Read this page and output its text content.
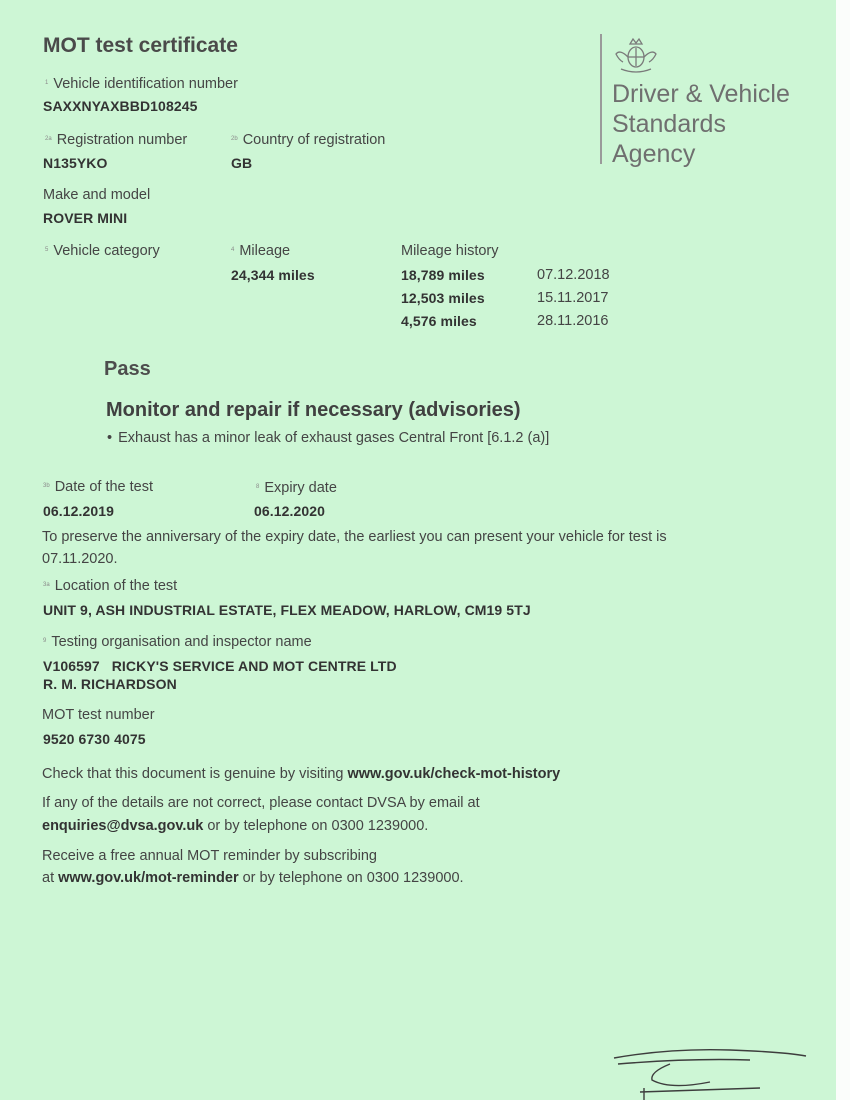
MOT test certificate
Driver & Vehicle
Standards
Agency
$^1$ Vehicle identification number
SAXXNYAXBBD108245
$^{2a}$ Registration number
N135YKO
$^{2b}$ Country of registration
GB
Make and model
ROVER MINI
$^5$ Vehicle category	$^4$ Mileage
24,344 miles
Mileage history
18,789 miles	07.12.2018
12,503 miles	15.11.2017
4,576 miles	28.11.2016
Pass
Monitor and repair if necessary (advisories)
• Exhaust has a minor leak of exhaust gases Central Front [6.1.2 (a)]
$^{3b}$ Date of the test
06.12.2019
$^8$ Expiry date
06.12.2020
To preserve the anniversary of the expiry date, the earliest you can present your vehicle for test is
07.11.2020.
$^{3a}$ Location of the test
UNIT 9, ASH INDUSTRIAL ESTATE, FLEX MEADOW, HARLOW, CM19 5TJ
$^9$ Testing organisation and inspector name
V106597   RICKY'S SERVICE AND MOT CENTRE LTD
R. M. RICHARDSON
MOT test number
9520 6730 4075
Check that this document is genuine by visiting www.gov.uk/check-mot-history
If any of the details are not correct, please contact DVSA by email at
enquiries@dvsa.gov.uk or by telephone on 0300 1239000.
Receive a free annual MOT reminder by subscribing
at www.gov.uk/mot-reminder or by telephone on 0300 1239000.
